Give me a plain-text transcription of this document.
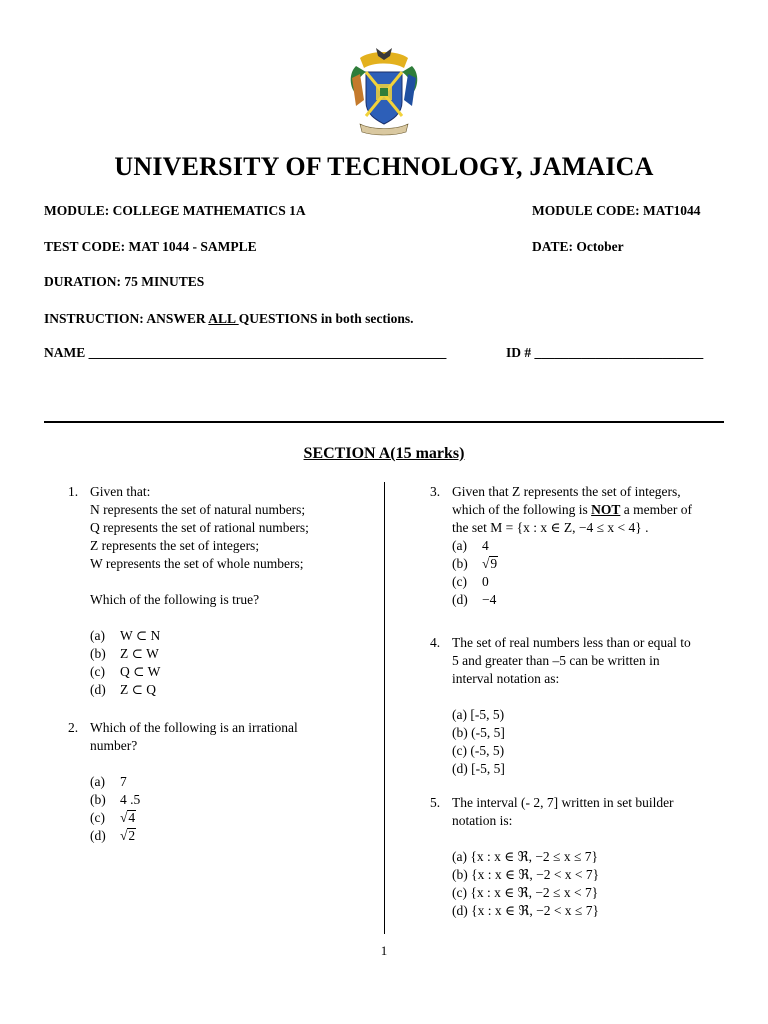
UNIVERSITY OF TECHNOLOGY, JAMAICA
MODULE: COLLEGE MATHEMATICS 1A	MODULE CODE: MAT1044
TEST CODE: MAT 1044 - SAMPLE	DATE: October
DURATION: 75 MINUTES
INSTRUCTION: ANSWER ALL QUESTIONS in both sections.
NAME _____________________________________________________	ID # _________________________
SECTION A(15 marks)
1. Given that:
N represents the set of natural numbers;
Q represents the set of rational numbers;
Z represents the set of integers;
W represents the set of whole numbers;
Which of the following is true?
(a) W ⊂ N
(b) Z ⊂ W
(c) Q ⊂ W
(d) Z ⊂ Q
2. Which of the following is an irrational
number?
(a) 7
(b) 4 .5
(c) √4
(d) √2
3. Given that Z represents the set of integers,
which of the following is NOT a member of
the set M = {x : x ∈ Z, −4 ≤ x < 4} .
(a) 4
(b) √9
(c) 0
(d) −4
4. The set of real numbers less than or equal to
5 and greater than –5 can be written in
interval notation as:
(a) [-5, 5)
(b) (-5, 5]
(c) (-5, 5)
(d) [-5, 5]
5. The interval (- 2, 7] written in set builder
notation is:
(a) {x : x ∈ ℜ, −2 ≤ x ≤ 7}
(b) {x : x ∈ ℜ, −2 < x < 7}
(c) {x : x ∈ ℜ, −2 ≤ x < 7}
(d) {x : x ∈ ℜ, −2 < x ≤ 7}
1
